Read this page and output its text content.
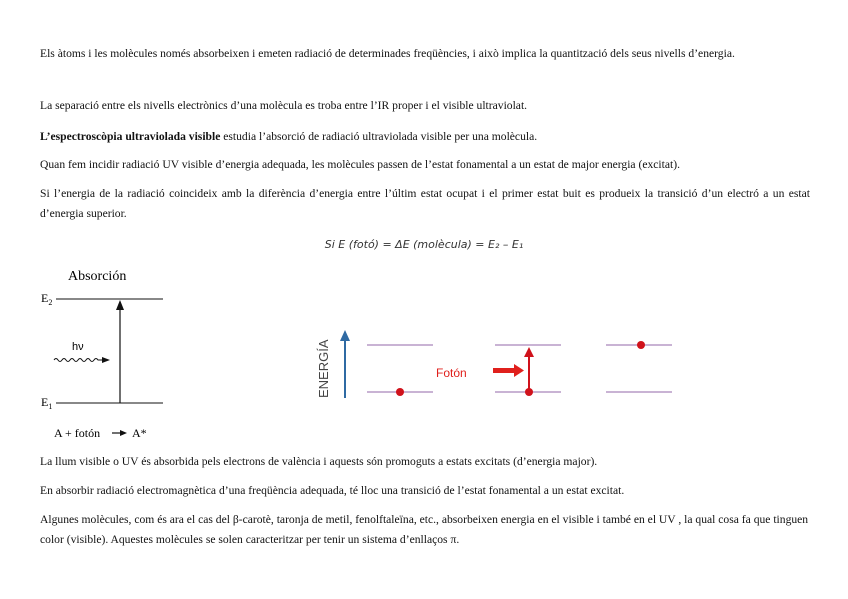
Els àtoms i les molècules només absorbeixen i emeten radiació de determinades freqüències, i això implica la quantització dels seus nivells d’energia.

La separació entre els nivells electrònics d’una molècula es troba entre l’IR proper i el visible ultraviolat.

L’espectroscòpia ultraviolada visible estudia l’absorció de radiació ultraviolada visible per una molècula.

Quan fem incidir radiació UV visible d’energia adequada, les molècules passen de l’estat fonamental a un estat de major energia (excitat).

Si l’energia de la radiació coincideix amb la diferència d’energia entre l’últim estat ocupat i el primer estat buit es produeix la transició d’un electró a un estat d’energia superior.

Si E (fotó) = ΔE (molècula) = E₂ – E₁
Absorción
$E_2$
$E_1$
hν
A + fotón	A*
ENERGÍA	Fotón

La llum visible o UV és absorbida pels electrons de valència i aquests són promoguts a estats excitats (d’energia major).

En absorbir radiació electromagnètica d’una freqüència adequada, té lloc una transició de l’estat fonamental a un estat excitat.

Algunes molècules, com és ara el cas del β-carotè, taronja de metil, fenolftaleïna, etc., absorbeixen energia en el visible i també en el UV , la qual cosa fa que tinguen color (visible). Aquestes molècules se solen caracteritzar per tenir un sistema d’enllaços π.
